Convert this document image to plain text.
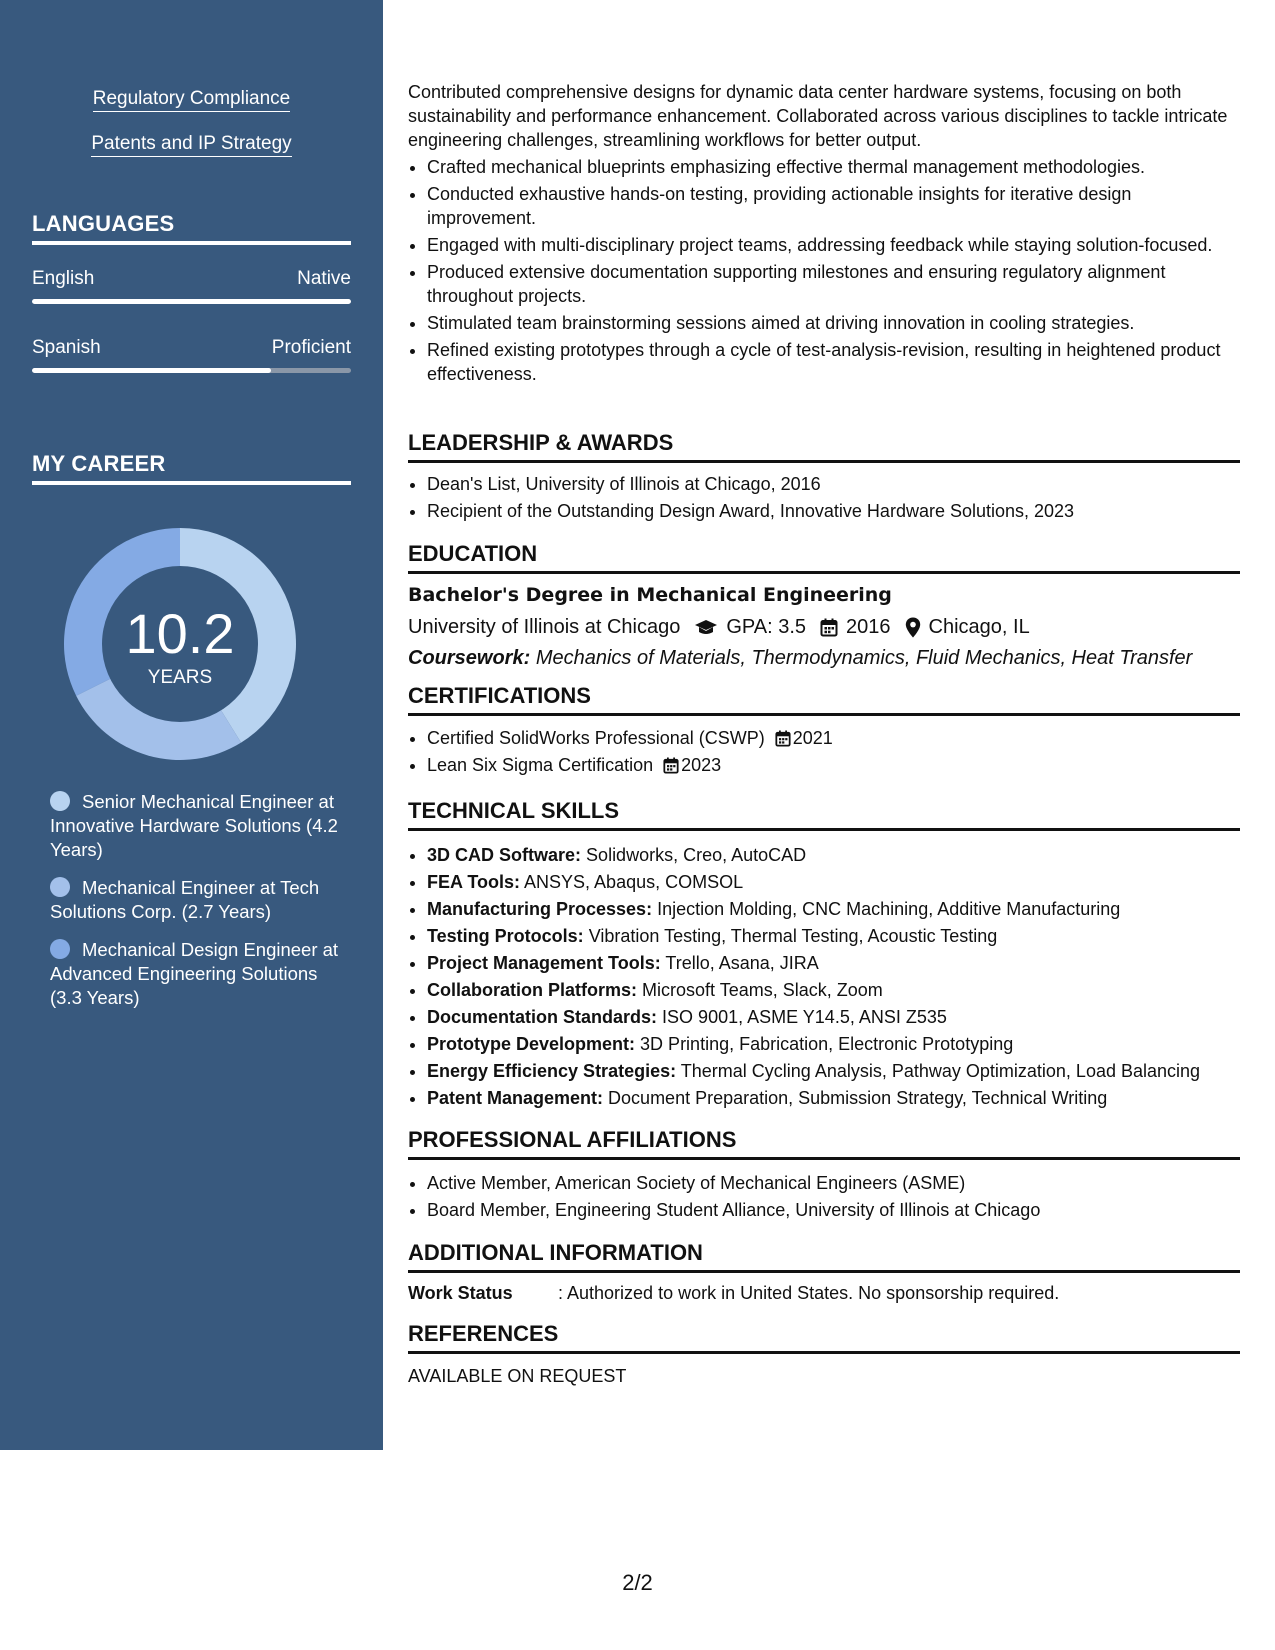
Regulatory Compliance
Patents and IP Strategy
LANGUAGES
English	Native
Spanish	Proficient
MY CAREER
10.2
YEARS
Senior Mechanical Engineer at Innovative Hardware Solutions (4.2 Years)
Mechanical Engineer at Tech Solutions Corp. (2.7 Years)
Mechanical Design Engineer at Advanced Engineering Solutions (3.3 Years)
Contributed comprehensive designs for dynamic data center hardware systems, focusing on both sustainability and performance enhancement. Collaborated across various disciplines to tackle intricate engineering challenges, streamlining workflows for better output.
• Crafted mechanical blueprints emphasizing effective thermal management methodologies.
• Conducted exhaustive hands-on testing, providing actionable insights for iterative design improvement.
• Engaged with multi-disciplinary project teams, addressing feedback while staying solution-focused.
• Produced extensive documentation supporting milestones and ensuring regulatory alignment throughout projects.
• Stimulated team brainstorming sessions aimed at driving innovation in cooling strategies.
• Refined existing prototypes through a cycle of test-analysis-revision, resulting in heightened product effectiveness.
LEADERSHIP & AWARDS
• Dean's List, University of Illinois at Chicago, 2016
• Recipient of the Outstanding Design Award, Innovative Hardware Solutions, 2023
EDUCATION
Bachelor's Degree in Mechanical Engineering
University of Illinois at Chicago GPA: 3.5 2016 Chicago, IL
Coursework: Mechanics of Materials, Thermodynamics, Fluid Mechanics, Heat Transfer
CERTIFICATIONS
• Certified SolidWorks Professional (CSWP) 2021
• Lean Six Sigma Certification 2023
TECHNICAL SKILLS
• 3D CAD Software: Solidworks, Creo, AutoCAD
• FEA Tools: ANSYS, Abaqus, COMSOL
• Manufacturing Processes: Injection Molding, CNC Machining, Additive Manufacturing
• Testing Protocols: Vibration Testing, Thermal Testing, Acoustic Testing
• Project Management Tools: Trello, Asana, JIRA
• Collaboration Platforms: Microsoft Teams, Slack, Zoom
• Documentation Standards: ISO 9001, ASME Y14.5, ANSI Z535
• Prototype Development: 3D Printing, Fabrication, Electronic Prototyping
• Energy Efficiency Strategies: Thermal Cycling Analysis, Pathway Optimization, Load Balancing
• Patent Management: Document Preparation, Submission Strategy, Technical Writing
PROFESSIONAL AFFILIATIONS
• Active Member, American Society of Mechanical Engineers (ASME)
• Board Member, Engineering Student Alliance, University of Illinois at Chicago
ADDITIONAL INFORMATION
Work Status	: Authorized to work in United States. No sponsorship required.
REFERENCES
AVAILABLE ON REQUEST
2/2
